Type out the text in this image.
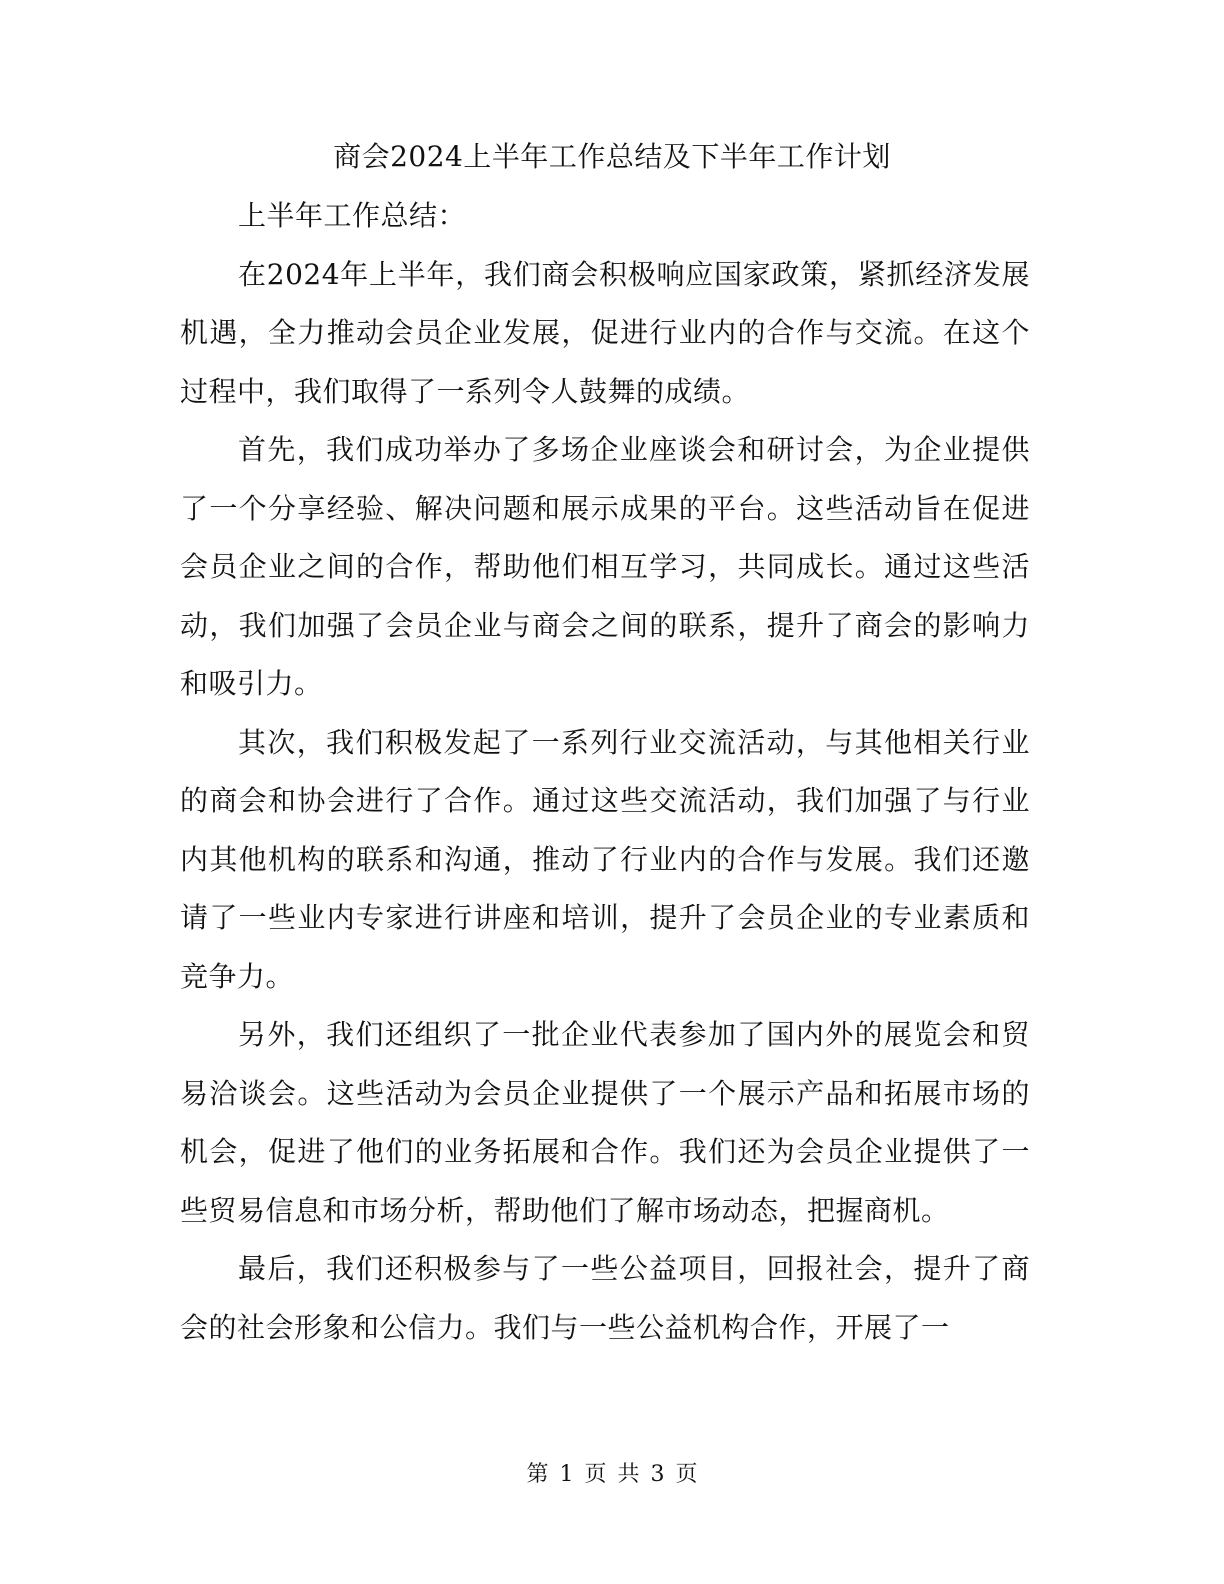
商会2024上半年工作总结及下半年工作计划

上半年工作总结：

在2024年上半年，我们商会积极响应国家政策，紧抓经济发展机遇，全力推动会员企业发展，促进行业内的合作与交流。在这个过程中，我们取得了一系列令人鼓舞的成绩。

首先，我们成功举办了多场企业座谈会和研讨会，为企业提供了一个分享经验、解决问题和展示成果的平台。这些活动旨在促进会员企业之间的合作，帮助他们相互学习，共同成长。通过这些活动，我们加强了会员企业与商会之间的联系，提升了商会的影响力和吸引力。

其次，我们积极发起了一系列行业交流活动，与其他相关行业的商会和协会进行了合作。通过这些交流活动，我们加强了与行业内其他机构的联系和沟通，推动了行业内的合作与发展。我们还邀请了一些业内专家进行讲座和培训，提升了会员企业的专业素质和竞争力。

另外，我们还组织了一批企业代表参加了国内外的展览会和贸易洽谈会。这些活动为会员企业提供了一个展示产品和拓展市场的机会，促进了他们的业务拓展和合作。我们还为会员企业提供了一些贸易信息和市场分析，帮助他们了解市场动态，把握商机。

最后，我们还积极参与了一些公益项目，回报社会，提升了商会的社会形象和公信力。我们与一些公益机构合作，开展了一

第 1 页 共 3 页
